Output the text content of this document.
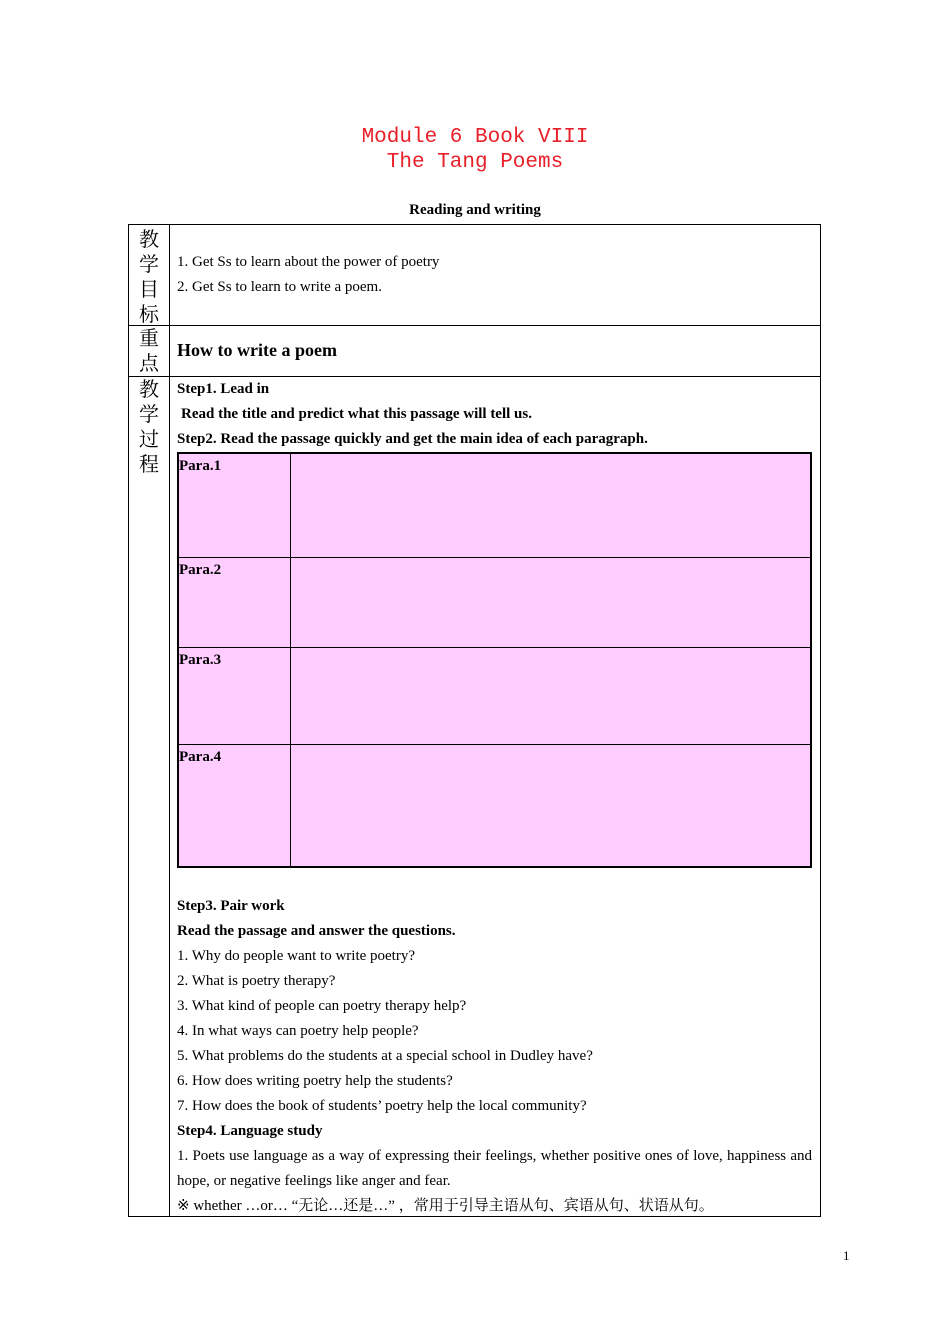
Module 6 Book VIII
The Tang Poems
Reading and writing
教
学
目
标
重
点
教
学
过
程
1. Get Ss to learn about the power of poetry
2. Get Ss to learn to write a poem.
How to write a poem
Step1. Lead in
Read the title and predict what this passage will tell us.
Step2. Read the passage quickly and get the main idea of each paragraph.
Para.1
Para.2
Para.3
Para.4
Step3. Pair work
Read the passage and answer the questions.
1. Why do people want to write poetry?
2. What is poetry therapy?
3. What kind of people can poetry therapy help?
4. In what ways can poetry help people?
5. What problems do the students at a special school in Dudley have?
6. How does writing poetry help the students?
7. How does the book of students’ poetry help the local community?
Step4. Language study
1. Poets use language as a way of expressing their feelings, whether positive ones of love, happiness and hope, or negative feelings like anger and fear.
※ whether …or… “无论…还是…” ，常用于引导主语从句、宾语从句、状语从句。
1
